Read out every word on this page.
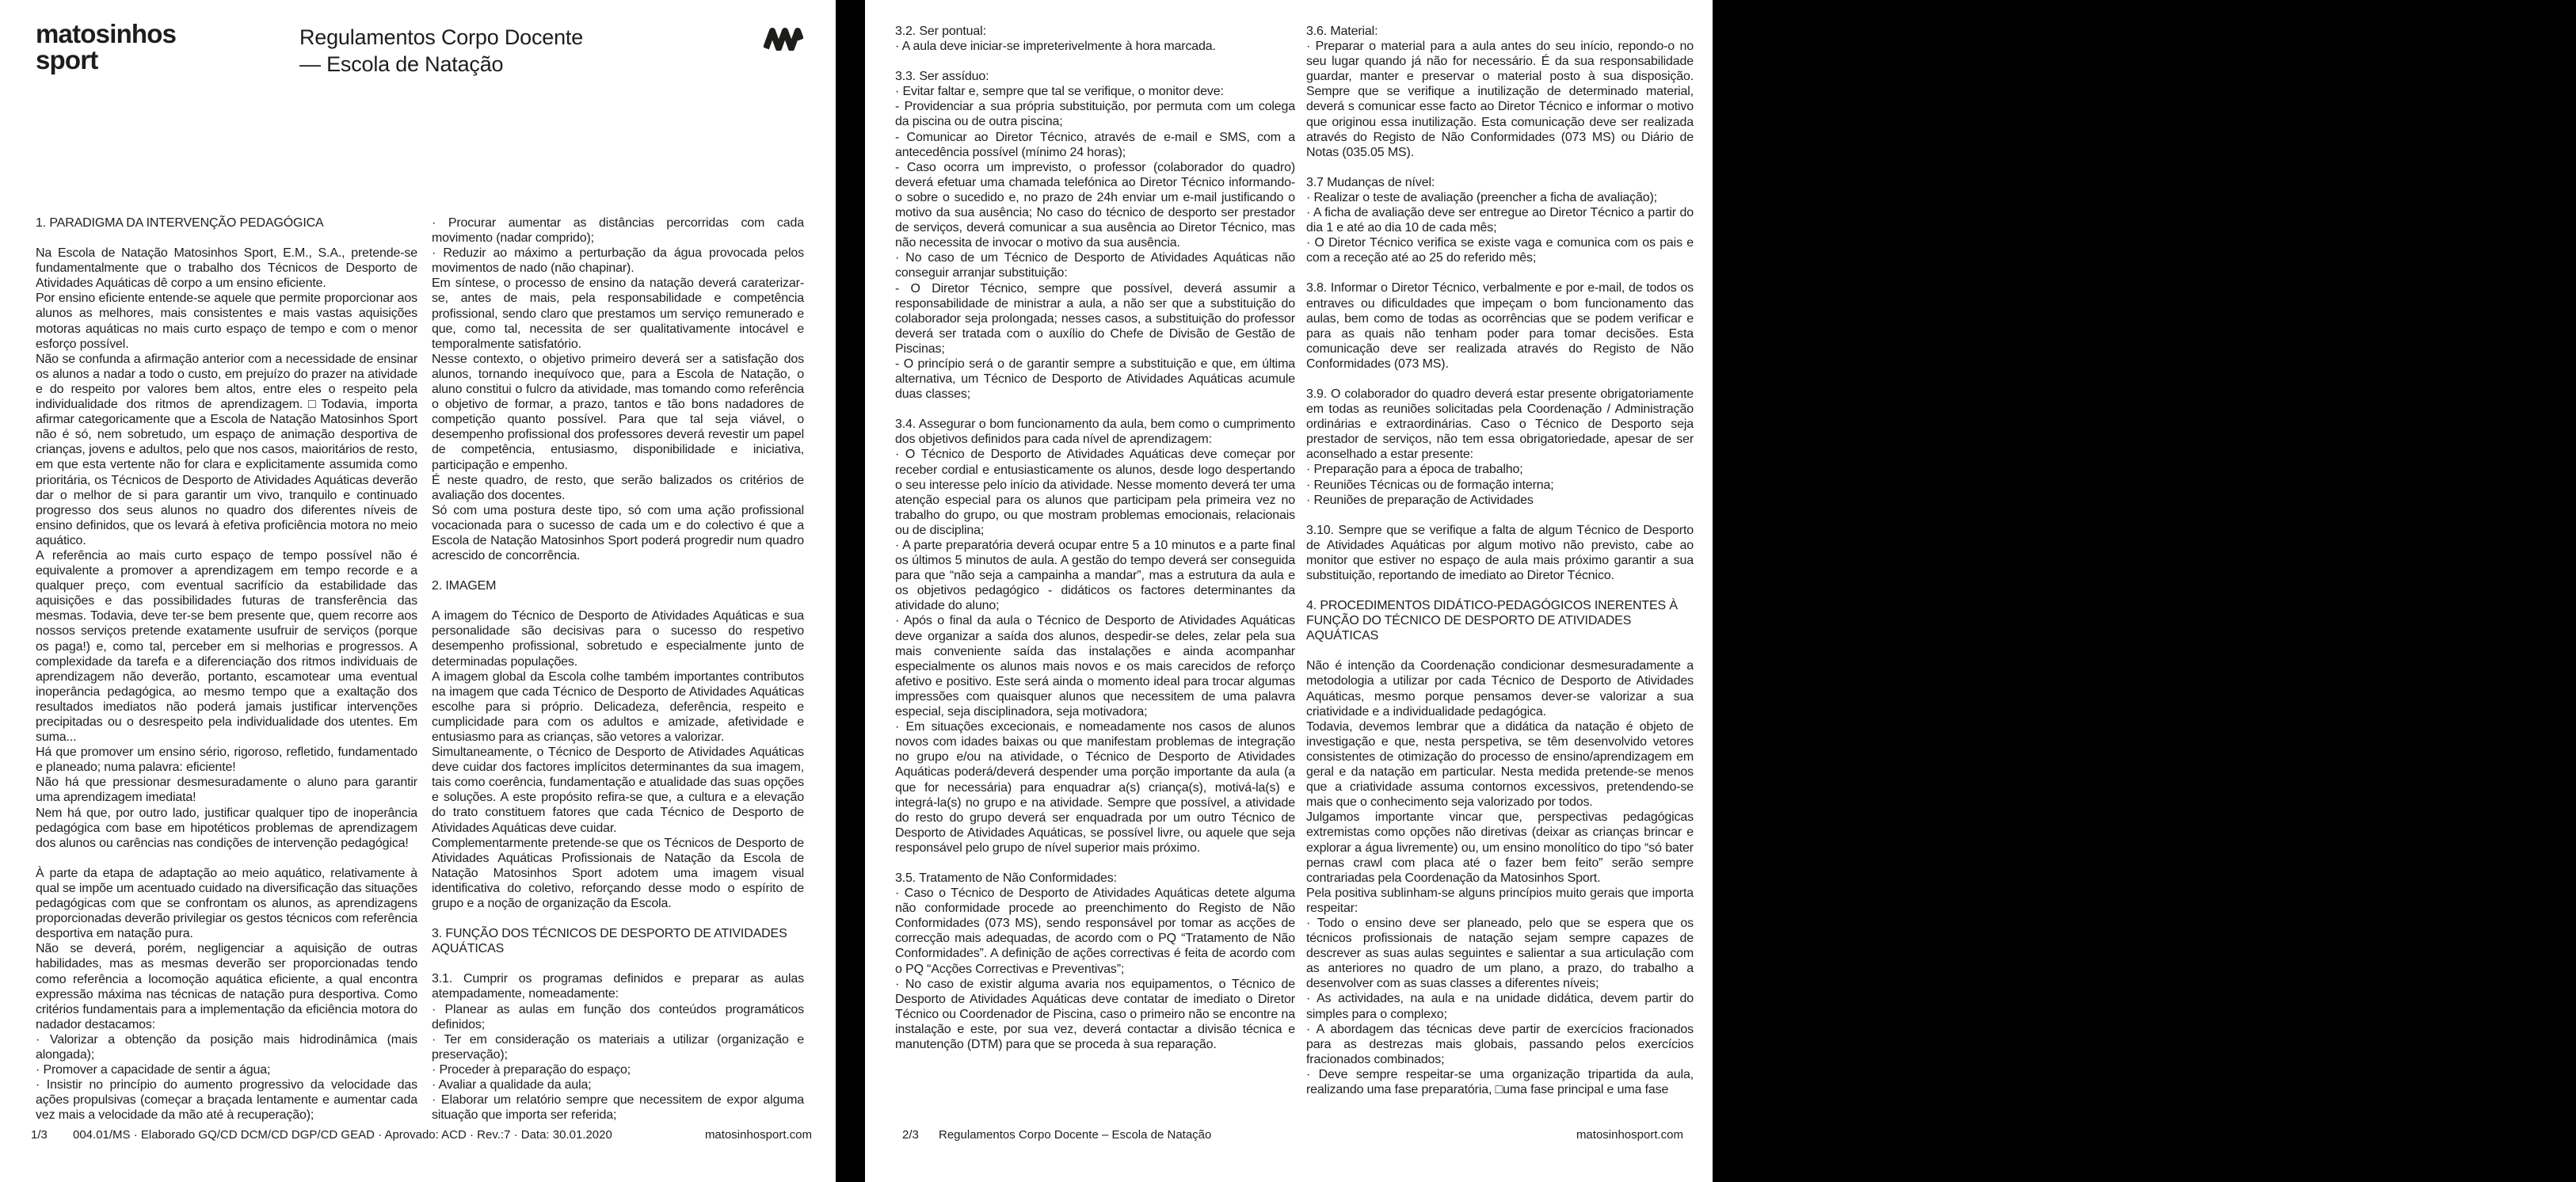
matosinhos
sport
Regulamentos Corpo Docente
— Escola de Natação

1. PARADIGMA DA INTERVENÇÃO PEDAGÓGICA

Na Escola de Natação Matosinhos Sport, E.M., S.A., pretende-se fundamentalmente que o trabalho dos Técnicos de Desporto de Atividades Aquáticas dê corpo a um ensino eficiente.

Por ensino eficiente entende-se aquele que permite proporcionar aos alunos as melhores, mais consistentes e mais vastas aquisições motoras aquáticas no mais curto espaço de tempo e com o menor esforço possível.

Não se confunda a afirmação anterior com a necessidade de ensinar os alunos a nadar a todo o custo, em prejuízo do prazer na atividade e do respeito por valores bem altos, entre eles o respeito pela individualidade dos ritmos de aprendizagem.□Todavia, importa afirmar categoricamente que a Escola de Natação Matosinhos Sport não é só, nem sobretudo, um espaço de animação desportiva de crianças, jovens e adultos, pelo que nos casos, maioritários de resto, em que esta vertente não for clara e explicitamente assumida como prioritária, os Técnicos de Desporto de Atividades Aquáticas deverão dar o melhor de si para garantir um vivo, tranquilo e continuado progresso dos seus alunos no quadro dos diferentes níveis de ensino definidos, que os levará à efetiva proficiência motora no meio aquático.

A referência ao mais curto espaço de tempo possível não é equivalente a promover a aprendizagem em tempo recorde e a qualquer preço, com eventual sacrifício da estabilidade das aquisições e das possibilidades futuras de transferência das mesmas. Todavia, deve ter-se bem presente que, quem recorre aos nossos serviços pretende exatamente usufruir de serviços (porque os paga!) e, como tal, perceber em si melhorias e progressos. A complexidade da tarefa e a diferenciação dos ritmos individuais de aprendizagem não deverão, portanto, escamotear uma eventual inoperância pedagógica, ao mesmo tempo que a exaltação dos resultados imediatos não poderá jamais justificar intervenções precipitadas ou o desrespeito pela individualidade dos utentes. Em suma...

Há que promover um ensino sério, rigoroso, refletido, fundamentado e planeado; numa palavra: eficiente!

Não há que pressionar desmesuradamente o aluno para garantir uma aprendizagem imediata!

Nem há que, por outro lado, justificar qualquer tipo de inoperância pedagógica com base em hipotéticos problemas de aprendizagem dos alunos ou carências nas condições de intervenção pedagógica!

À parte da etapa de adaptação ao meio aquático, relativamente à qual se impõe um acentuado cuidado na diversificação das situações pedagógicas com que se confrontam os alunos, as aprendizagens proporcionadas deverão privilegiar os gestos técnicos com referência desportiva em natação pura.

Não se deverá, porém, negligenciar a aquisição de outras habilidades, mas as mesmas deverão ser proporcionadas tendo como referência a locomoção aquática eficiente, a qual encontra expressão máxima nas técnicas de natação pura desportiva. Como critérios fundamentais para a implementação da eficiência motora do nadador destacamos:

· Valorizar a obtenção da posição mais hidrodinâmica (mais alongada);

· Promover a capacidade de sentir a água;

· Insistir no princípio do aumento progressivo da velocidade das ações propulsivas (começar a braçada lentamente e aumentar cada vez mais a velocidade da mão até à recuperação);

· Procurar aumentar as distâncias percorridas com cada movimento (nadar comprido);

· Reduzir ao máximo a perturbação da água provocada pelos movimentos de nado (não chapinar).

Em síntese, o processo de ensino da natação deverá caraterizar-se, antes de mais, pela responsabilidade e competência profissional, sendo claro que prestamos um serviço remunerado e que, como tal, necessita de ser qualitativamente intocável e temporalmente satisfatório.

Nesse contexto, o objetivo primeiro deverá ser a satisfação dos alunos, tornando inequívoco que, para a Escola de Natação, o aluno constitui o fulcro da atividade, mas tomando como referência o objetivo de formar, a prazo, tantos e tão bons nadadores de competição quanto possível. Para que tal seja viável, o desempenho profissional dos professores deverá revestir um papel de competência, entusiasmo, disponibilidade e iniciativa, participação e empenho.

É neste quadro, de resto, que serão balizados os critérios de avaliação dos docentes.

Só com uma postura deste tipo, só com uma ação profissional vocacionada para o sucesso de cada um e do colectivo é que a Escola de Natação Matosinhos Sport poderá progredir num quadro acrescido de concorrência.

2. IMAGEM

A imagem do Técnico de Desporto de Atividades Aquáticas e sua personalidade são decisivas para o sucesso do respetivo desempenho profissional, sobretudo e especialmente junto de determinadas populações.

A imagem global da Escola colhe também importantes contributos na imagem que cada Técnico de Desporto de Atividades Aquáticas escolhe para si próprio. Delicadeza, deferência, respeito e cumplicidade para com os adultos e amizade, afetividade e entusiasmo para as crianças, são vetores a valorizar.

Simultaneamente, o Técnico de Desporto de Atividades Aquáticas deve cuidar dos factores implícitos determinantes da sua imagem, tais como coerência, fundamentação e atualidade das suas opções e soluções. A este propósito refira-se que, a cultura e a elevação do trato constituem fatores que cada Técnico de Desporto de Atividades Aquáticas deve cuidar.

Complementarmente pretende-se que os Técnicos de Desporto de Atividades Aquáticas Profissionais de Natação da Escola de Natação Matosinhos Sport adotem uma imagem visual identificativa do coletivo, reforçando desse modo o espírito de grupo e a noção de organização da Escola.

3. FUNÇÃO DOS TÉCNICOS DE DESPORTO DE ATIVIDADES AQUÁTICAS

3.1. Cumprir os programas definidos e preparar as aulas atempadamente, nomeadamente:

· Planear as aulas em função dos conteúdos programáticos definidos;

· Ter em consideração os materiais a utilizar (organização e preservação);

· Proceder à preparação do espaço;

· Avaliar a qualidade da aula;

· Elaborar um relatório sempre que necessitem de expor alguma situação que importa ser referida;

1/3 004.01/MS · Elaborado GQ/CD DCM/CD DGP/CD GEAD · Aprovado: ACD · Rev.:7 · Data: 30.01.2020	matosinhosport.com

3.2. Ser pontual:

· A aula deve iniciar-se impreterivelmente à hora marcada.

3.3. Ser assíduo:

· Evitar faltar e, sempre que tal se verifique, o monitor deve:

- Providenciar a sua própria substituição, por permuta com um colega da piscina ou de outra piscina;

- Comunicar ao Diretor Técnico, através de e-mail e SMS, com a antecedência possível (mínimo 24 horas);

- Caso ocorra um imprevisto, o professor (colaborador do quadro) deverá efetuar uma chamada telefónica ao Diretor Técnico informando-o sobre o sucedido e, no prazo de 24h enviar um e-mail justificando o motivo da sua ausência; No caso do técnico de desporto ser prestador de serviços, deverá comunicar a sua ausência ao Diretor Técnico, mas não necessita de invocar o motivo da sua ausência.

· No caso de um Técnico de Desporto de Atividades Aquáticas não conseguir arranjar substituição:

- O Diretor Técnico, sempre que possível, deverá assumir a responsabilidade de ministrar a aula, a não ser que a substituição do colaborador seja prolongada; nesses casos, a substituição do professor deverá ser tratada com o auxílio do Chefe de Divisão de Gestão de Piscinas;

- O princípio será o de garantir sempre a substituição e que, em última alternativa, um Técnico de Desporto de Atividades Aquáticas acumule duas classes;

3.4. Assegurar o bom funcionamento da aula, bem como o cumprimento dos objetivos definidos para cada nível de aprendizagem:

· O Técnico de Desporto de Atividades Aquáticas deve começar por receber cordial e entusiasticamente os alunos, desde logo despertando o seu interesse pelo início da atividade. Nesse momento deverá ter uma atenção especial para os alunos que participam pela primeira vez no trabalho do grupo, ou que mostram problemas emocionais, relacionais ou de disciplina;

· A parte preparatória deverá ocupar entre 5 a 10 minutos e a parte final os últimos 5 minutos de aula. A gestão do tempo deverá ser conseguida para que “não seja a campainha a mandar”, mas a estrutura da aula e os objetivos pedagógico - didáticos os factores determinantes da atividade do aluno;

· Após o final da aula o Técnico de Desporto de Atividades Aquáticas deve organizar a saída dos alunos, despedir-se deles, zelar pela sua mais conveniente saída das instalações e ainda acompanhar especialmente os alunos mais novos e os mais carecidos de reforço afetivo e positivo. Este será ainda o momento ideal para trocar algumas impressões com quaisquer alunos que necessitem de uma palavra especial, seja disciplinadora, seja motivadora;

· Em situações excecionais, e nomeadamente nos casos de alunos novos com idades baixas ou que manifestam problemas de integração no grupo e/ou na atividade, o Técnico de Desporto de Atividades Aquáticas poderá/deverá despender uma porção importante da aula (a que for necessária) para enquadrar a(s) criança(s), motivá-la(s) e integrá-la(s) no grupo e na atividade. Sempre que possível, a atividade do resto do grupo deverá ser enquadrada por um outro Técnico de Desporto de Atividades Aquáticas, se possível livre, ou aquele que seja responsável pelo grupo de nível superior mais próximo.

3.5. Tratamento de Não Conformidades:

· Caso o Técnico de Desporto de Atividades Aquáticas detete alguma não conformidade procede ao preenchimento do Registo de Não Conformidades (073 MS), sendo responsável por tomar as acções de correcção mais adequadas, de acordo com o PQ “Tratamento de Não Conformidades”. A definição de ações correctivas é feita de acordo com o PQ “Acções Correctivas e Preventivas”;

· No caso de existir alguma avaria nos equipamentos, o Técnico de Desporto de Atividades Aquáticas deve contatar de imediato o Diretor Técnico ou Coordenador de Piscina, caso o primeiro não se encontre na instalação e este, por sua vez, deverá contactar a divisão técnica e manutenção (DTM) para que se proceda à sua reparação.

3.6. Material:

· Preparar o material para a aula antes do seu início, repondo-o no seu lugar quando já não for necessário. É da sua responsabilidade guardar, manter e preservar o material posto à sua disposição. Sempre que se verifique a inutilização de determinado material, deverá s comunicar esse facto ao Diretor Técnico e informar o motivo que originou essa inutilização. Esta comunicação deve ser realizada através do Registo de Não Conformidades (073 MS) ou Diário de Notas (035.05 MS).

3.7 Mudanças de nível:

· Realizar o teste de avaliação (preencher a ficha de avaliação);

· A ficha de avaliação deve ser entregue ao Diretor Técnico a partir do dia 1 e até ao dia 10 de cada mês;

· O Diretor Técnico verifica se existe vaga e comunica com os pais e com a receção até ao 25 do referido mês;

3.8. Informar o Diretor Técnico, verbalmente e por e-mail, de todos os entraves ou dificuldades que impeçam o bom funcionamento das aulas, bem como de todas as ocorrências que se podem verificar e para as quais não tenham poder para tomar decisões. Esta comunicação deve ser realizada através do Registo de Não Conformidades (073 MS).

3.9. O colaborador do quadro deverá estar presente obrigatoriamente em todas as reuniões solicitadas pela Coordenação / Administração ordinárias e extraordinárias. Caso o Técnico de Desporto seja prestador de serviços, não tem essa obrigatoriedade, apesar de ser aconselhado a estar presente:

· Preparação para a época de trabalho;

· Reuniões Técnicas ou de formação interna;

· Reuniões de preparação de Actividades

3.10. Sempre que se verifique a falta de algum Técnico de Desporto de Atividades Aquáticas por algum motivo não previsto, cabe ao monitor que estiver no espaço de aula mais próximo garantir a sua substituição, reportando de imediato ao Diretor Técnico.

4. PROCEDIMENTOS DIDÁTICO-PEDAGÓGICOS INERENTES À FUNÇÃO DO TÉCNICO DE DESPORTO DE ATIVIDADES AQUÁTICAS

Não é intenção da Coordenação condicionar desmesuradamente a metodologia a utilizar por cada Técnico de Desporto de Atividades Aquáticas, mesmo porque pensamos dever-se valorizar a sua criatividade e a individualidade pedagógica.

Todavia, devemos lembrar que a didática da natação é objeto de investigação e que, nesta perspetiva, se têm desenvolvido vetores consistentes de otimização do processo de ensino/aprendizagem em geral e da natação em particular. Nesta medida pretende-se menos que a criatividade assuma contornos excessivos, pretendendo-se mais que o conhecimento seja valorizado por todos.

Julgamos importante vincar que, perspectivas pedagógicas extremistas como opções não diretivas (deixar as crianças brincar e explorar a água livremente) ou, um ensino monolítico do tipo “só bater pernas crawl com placa até o fazer bem feito” serão sempre contrariadas pela Coordenação da Matosinhos Sport.

Pela positiva sublinham-se alguns princípios muito gerais que importa respeitar:

· Todo o ensino deve ser planeado, pelo que se espera que os técnicos profissionais de natação sejam sempre capazes de descrever as suas aulas seguintes e salientar a sua articulação com as anteriores no quadro de um plano, a prazo, do trabalho a desenvolver com as suas classes a diferentes níveis;

· As actividades, na aula e na unidade didática, devem partir do simples para o complexo;

· A abordagem das técnicas deve partir de exercícios fracionados para as destrezas mais globais, passando pelos exercícios fracionados combinados;

· Deve sempre respeitar-se uma organização tripartida da aula, realizando uma fase preparatória, □uma fase principal e uma fase

2/3 Regulamentos Corpo Docente – Escola de Natação	matosinhosport.com
